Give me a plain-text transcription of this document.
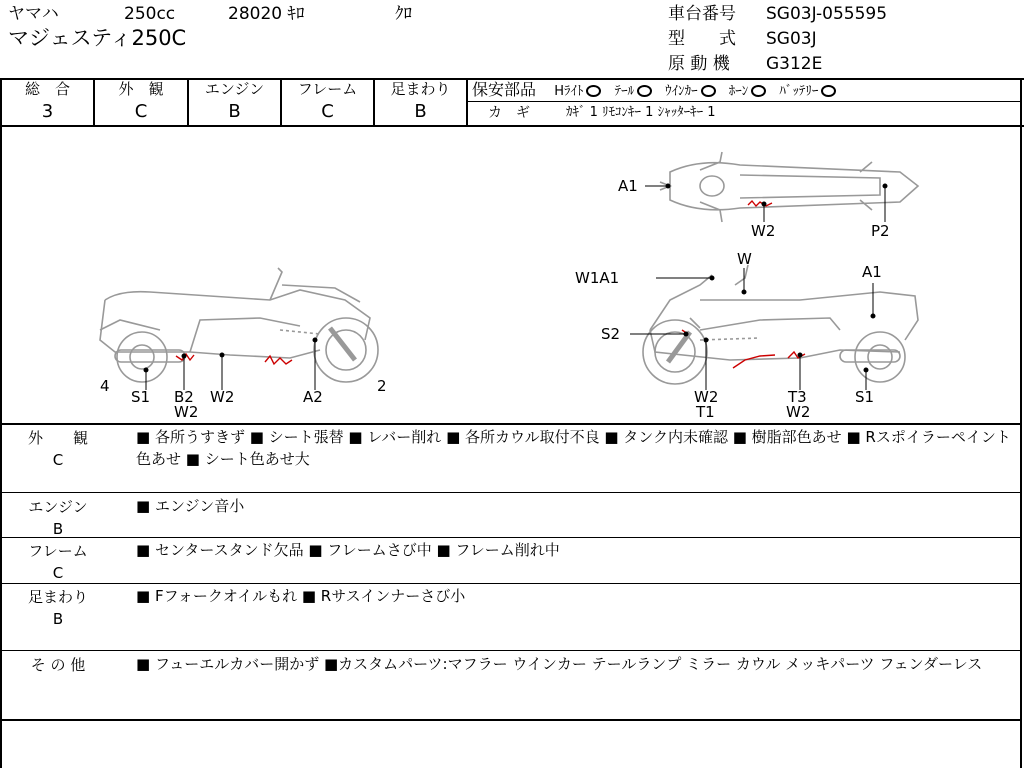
ヤマハ	250cc	28020 ｷﾛ	ｸﾛ
マジェスティ250C
車台番号 SG03J-055595
型　　式 SG03J
原 動 機 G312E
総　合
3
外　観
C
エンジン
B
フレーム
C
足まわり
B
保安部品 Hﾗｲﾄ ﾃｰﾙ ｳｲﾝｶｰ ﾎｰﾝ ﾊﾞｯﾃﾘｰ
カ　ギ	ｶｷﾞ 1 ﾘﾓｺﾝｷｰ 1 ｼｬｯﾀｰｷｰ 1
4
S1 B2 W2
W2
A2
2
A1
W2	P2
W
W1A1	A1
S2
W2
T1
T3
W2
S1
外　　観
C
■ 各所うすきず ■ シート張替 ■ レバー削れ ■ 各所カウル取付不良 ■ タンク内未確認 ■ 樹脂部色あせ ■ Rスポイラーペイント色あせ ■ シート色あせ大
エンジン
B
■ エンジン音小
フレーム
C
■ センタースタンド欠品 ■ フレームさび中 ■ フレーム削れ中
足まわり
B
■ Fフォークオイルもれ ■ Rサスインナーさび小
そ の 他	■ フューエルカバー開かず ■カスタムパーツ:マフラー ウインカー テールランプ ミラー カウル メッキパーツ フェンダーレス
